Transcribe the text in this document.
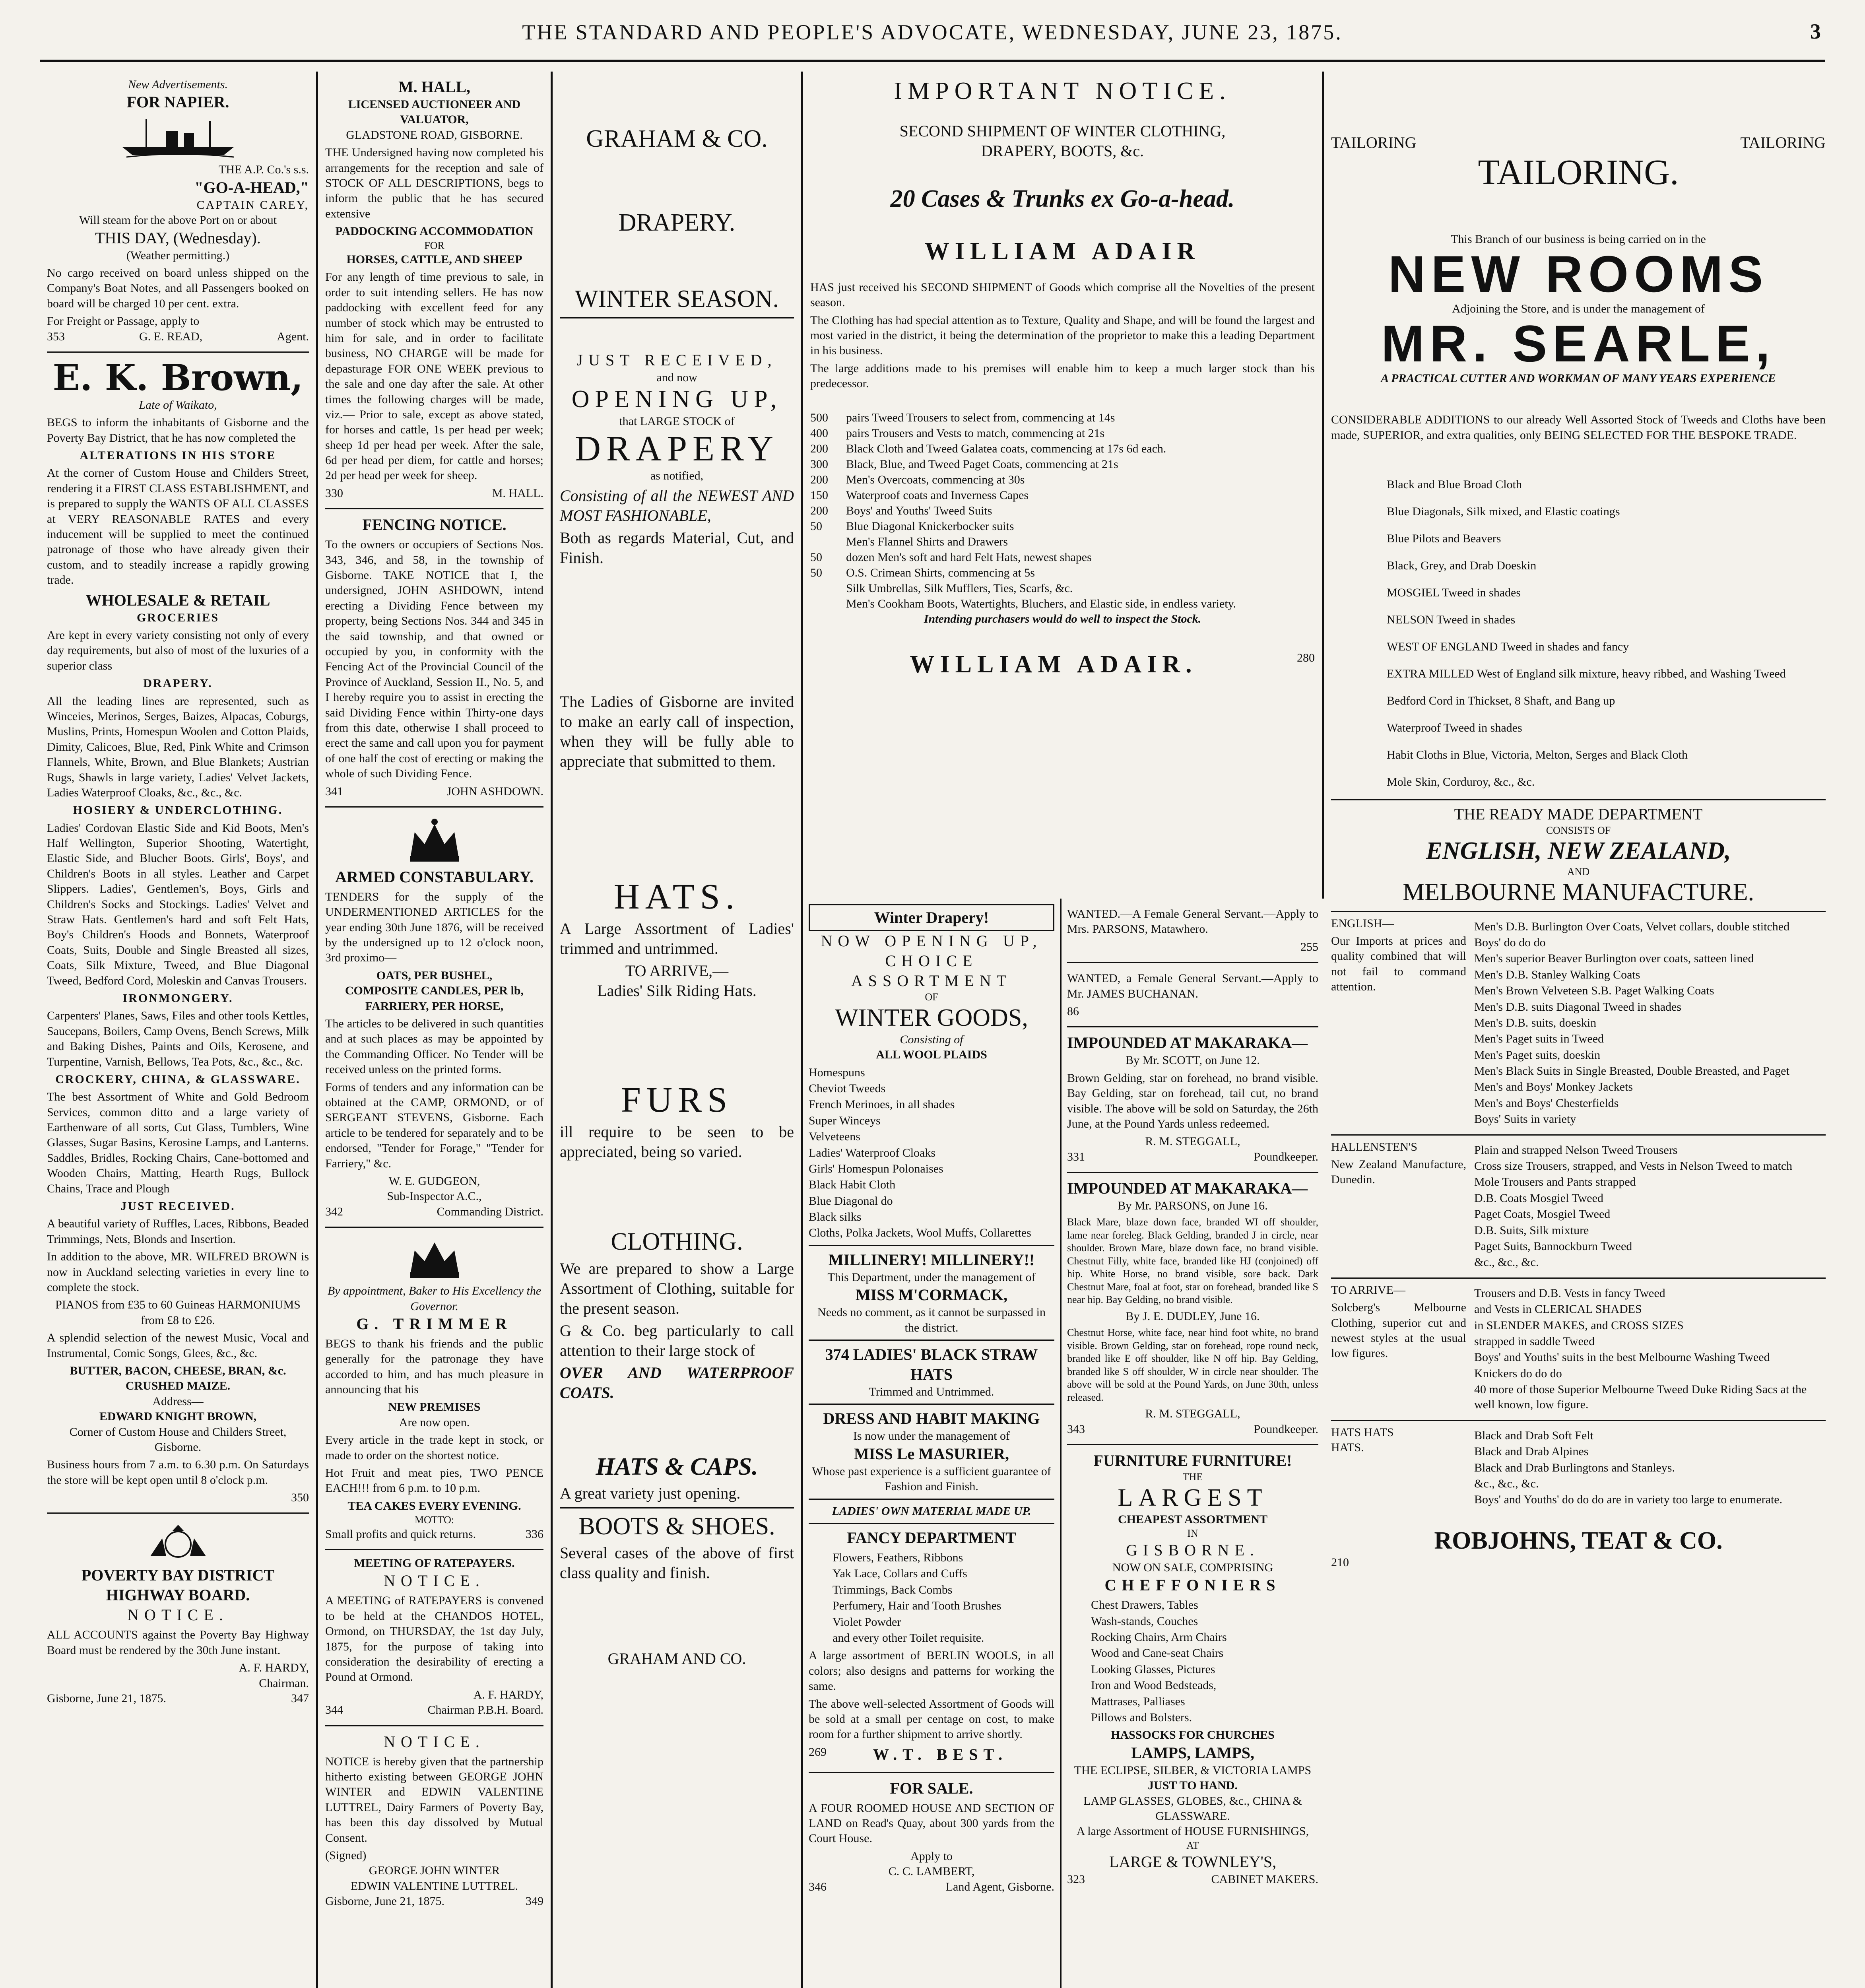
THE STANDARD AND PEOPLE'S ADVOCATE, WEDNESDAY, JUNE 23, 1875.	3
New Advertisements.
FOR NAPIER.
THE A.P. Co.'s s.s.
"GO-A-HEAD,"
CAPTAIN CAREY,
Will steam for the above Port on or about
THIS DAY, (Wednesday).
(Weather permitting.)

No cargo received on board unless shipped on the Company's Boat Notes, and all Passengers booked on board will be charged 10 per cent. extra.

For Freight or Passage, apply to
353	G. E. READ,	Agent.
E. K. Brown,
Late of Waikato,

BEGS to inform the inhabitants of Gisborne and the Poverty Bay District, that he has now completed the

ALTERATIONS IN HIS STORE

At the corner of Custom House and Childers Street, rendering it a FIRST CLASS ESTABLISHMENT, and is prepared to supply the WANTS OF ALL CLASSES at VERY REASONABLE RATES and every inducement will be supplied to meet the continued patronage of those who have already given their custom, and to steadily increase a rapidly growing trade.

WHOLESALE & RETAIL
GROCERIES

Are kept in every variety consisting not only of every day requirements, but also of most of the luxuries of a superior class

DRAPERY.

All the leading lines are represented, such as Winceies, Merinos, Serges, Baizes, Alpacas, Coburgs, Muslins, Prints, Homespun Woolen and Cotton Plaids, Dimity, Calicoes, Blue, Red, Pink White and Crimson Flannels, White, Brown, and Blue Blankets; Austrian Rugs, Shawls in large variety, Ladies' Velvet Jackets, Ladies Waterproof Cloaks, &c., &c., &c.

HOSIERY & UNDERCLOTHING.

Ladies' Cordovan Elastic Side and Kid Boots, Men's Half Wellington, Superior Shooting, Watertight, Elastic Side, and Blucher Boots. Girls', Boys', and Children's Boots in all styles. Leather and Carpet Slippers. Ladies', Gentlemen's, Boys, Girls and Children's Socks and Stockings. Ladies' Velvet and Straw Hats. Gentlemen's hard and soft Felt Hats, Boy's Children's Hoods and Bonnets, Waterproof Coats, Suits, Double and Single Breasted all sizes, Coats, Silk Mixture, Tweed, and Blue Diagonal Tweed, Bedford Cord, Moleskin and Canvas Trousers.

IRONMONGERY.

Carpenters' Planes, Saws, Files and other tools Kettles, Saucepans, Boilers, Camp Ovens, Bench Screws, Milk and Baking Dishes, Paints and Oils, Kerosene, and Turpentine, Varnish, Bellows, Tea Pots, &c., &c., &c.

CROCKERY, CHINA, & GLASSWARE.

The best Assortment of White and Gold Bedroom Services, common ditto and a large variety of Earthenware of all sorts, Cut Glass, Tumblers, Wine Glasses, Sugar Basins, Kerosine Lamps, and Lanterns. Saddles, Bridles, Rocking Chairs, Cane-bottomed and Wooden Chairs, Matting, Hearth Rugs, Bullock Chains, Trace and Plough

JUST RECEIVED.

A beautiful variety of Ruffles, Laces, Ribbons, Beaded Trimmings, Nets, Blonds and Insertion.

In addition to the above, MR. WILFRED BROWN is now in Auckland selecting varieties in every line to complete the stock.

PIANOS from £35 to 60 Guineas HARMONIUMS from £8 to £26.

A splendid selection of the newest Music, Vocal and Instrumental, Comic Songs, Glees, &c., &c.

BUTTER, BACON, CHEESE, BRAN, &c. CRUSHED MAIZE.
Address—
EDWARD KNIGHT BROWN,
Corner of Custom House and Childers Street, Gisborne.

Business hours from 7 a.m. to 6.30 p.m. On Saturdays the store will be kept open until 8 o'clock p.m.

350
POVERTY BAY DISTRICT HIGHWAY BOARD.
NOTICE.

ALL ACCOUNTS against the Poverty Bay Highway Board must be rendered by the 30th June instant.

A. F. HARDY,
Chairman.
Gisborne, June 21, 1875.	347
M. HALL,
LICENSED AUCTIONEER AND VALUATOR,
GLADSTONE ROAD, GISBORNE.

THE Undersigned having now completed his arrangements for the reception and sale of STOCK OF ALL DESCRIPTIONS, begs to inform the public that he has secured extensive

PADDOCKING ACCOMMODATION
FOR
HORSES, CATTLE, AND SHEEP

For any length of time previous to sale, in order to suit intending sellers. He has now paddocking with excellent feed for any number of stock which may be entrusted to him for sale, and in order to facilitate business, NO CHARGE will be made for depasturage FOR ONE WEEK previous to the sale and one day after the sale. At other times the following charges will be made, viz.— Prior to sale, except as above stated, for horses and cattle, 1s per head per week; sheep 1d per head per week. After the sale, 6d per head per diem, for cattle and horses; 2d per head per week for sheep.

330	M. HALL.
FENCING NOTICE.

To the owners or occupiers of Sections Nos. 343, 346, and 58, in the township of Gisborne. TAKE NOTICE that I, the undersigned, JOHN ASHDOWN, intend erecting a Dividing Fence between my property, being Sections Nos. 344 and 345 in the said township, and that owned or occupied by you, in conformity with the Fencing Act of the Provincial Council of the Province of Auckland, Session II., No. 5, and I hereby require you to assist in erecting the said Dividing Fence within Thirty-one days from this date, otherwise I shall proceed to erect the same and call upon you for payment of one half the cost of erecting or making the whole of such Dividing Fence.

341	JOHN ASHDOWN.
ARMED CONSTABULARY.

TENDERS for the supply of the UNDERMENTIONED ARTICLES for the year ending 30th June 1876, will be received by the undersigned up to 12 o'clock noon, 3rd proximo—

OATS, PER BUSHEL,
COMPOSITE CANDLES, PER lb,
FARRIERY, PER HORSE,

The articles to be delivered in such quantities and at such places as may be appointed by the Commanding Officer. No Tender will be received unless on the printed forms.

Forms of tenders and any information can be obtained at the CAMP, ORMOND, or of SERGEANT STEVENS, Gisborne. Each article to be tendered for separately and to be endorsed, "Tender for Forage," "Tender for Farriery," &c.

W. E. GUDGEON,
Sub-Inspector A.C.,
342	Commanding District.
By appointment, Baker to His Excellency the Governor.
G. TRIMMER

BEGS to thank his friends and the public generally for the patronage they have accorded to him, and has much pleasure in announcing that his

NEW PREMISES
Are now open.

Every article in the trade kept in stock, or made to order on the shortest notice.

Hot Fruit and meat pies, TWO PENCE EACH!!! from 6 p.m. to 10 p.m.

TEA CAKES EVERY EVENING.
MOTTO:
Small profits and quick returns.	336
MEETING OF RATEPAYERS.
NOTICE.

A MEETING of RATEPAYERS is convened to be held at the CHANDOS HOTEL, Ormond, on THURSDAY, the 1st day July, 1875, for the purpose of taking into consideration the desirability of erecting a Pound at Ormond.

A. F. HARDY,
344	Chairman P.B.H. Board.
NOTICE.

NOTICE is hereby given that the partnership hitherto existing between GEORGE JOHN WINTER and EDWIN VALENTINE LUTTREL, Dairy Farmers of Poverty Bay, has been this day dissolved by Mutual Consent.

(Signed)
GEORGE JOHN WINTER
EDWIN VALENTINE LUTTREL.
Gisborne, June 21, 1875.	349
GRAHAM & CO.
DRAPERY.
WINTER SEASON.
JUST RECEIVED,
and now
OPENING UP,
that LARGE STOCK of
DRAPERY
as notified,

Consisting of all the NEWEST AND MOST FASHIONABLE,

Both as regards Material, Cut, and Finish.

The Ladies of Gisborne are invited to make an early call of inspection, when they will be fully able to appreciate that submitted to them.

HATS.

A Large Assortment of Ladies' trimmed and untrimmed.

TO ARRIVE,—
Ladies' Silk Riding Hats.
FURS

ill require to be seen to be appreciated, being so varied.

CLOTHING.

We are prepared to show a Large Assortment of Clothing, suitable for the present season.

G & Co. beg particularly to call attention to their large stock of

OVER AND WATERPROOF COATS.

HATS & CAPS.

A great variety just opening.

BOOTS & SHOES.

Several cases of the above of first class quality and finish.

GRAHAM AND CO.
IMPORTANT NOTICE.
SECOND SHIPMENT OF WINTER CLOTHING,
DRAPERY, BOOTS, &c.
20 Cases & Trunks ex Go-a-head.
WILLIAM ADAIR

HAS just received his SECOND SHIPMENT of Goods which comprise all the Novelties of the present season.

The Clothing has had special attention as to Texture, Quality and Shape, and will be found the largest and most varied in the district, it being the determination of the proprietor to make this a leading Department in his business.

The large additions made to his premises will enable him to keep a much larger stock than his predecessor.

500	pairs Tweed Trousers to select from, commencing at 14s
400	pairs Trousers and Vests to match, commencing at 21s
200	Black Cloth and Tweed Galatea coats, commencing at 17s 6d each.
300	Black, Blue, and Tweed Paget Coats, commencing at 21s
200	Men's Overcoats, commencing at 30s
150	Waterproof coats and Inverness Capes
200	Boys' and Youths' Tweed Suits
50	Blue Diagonal Knickerbocker suits
Men's Flannel Shirts and Drawers
50	dozen Men's soft and hard Felt Hats, newest shapes
50	O.S. Crimean Shirts, commencing at 5s
Silk Umbrellas, Silk Mufflers, Ties, Scarfs, &c.
Men's Cookham Boots, Watertights, Bluchers, and Elastic side, in endless variety.
Intending purchasers would do well to inspect the Stock.
WILLIAM ADAIR.	280
Winter Drapery!
NOW OPENING UP,
CHOICE ASSORTMENT
OF
WINTER GOODS,
Consisting of
ALL WOOL PLAIDS
Homespuns
Cheviot Tweeds
French Merinoes, in all shades
Super Winceys
Velveteens
Ladies' Waterproof Cloaks
Girls' Homespun Polonaises
Black Habit Cloth
Blue Diagonal do
Black silks
Cloths, Polka Jackets, Wool Muffs, Collarettes
MILLINERY! MILLINERY!!
This Department, under the management of
MISS M'CORMACK,
Needs no comment, as it cannot be surpassed in the district.
374 LADIES' BLACK STRAW HATS
Trimmed and Untrimmed.
DRESS AND HABIT MAKING
Is now under the management of
MISS Le MASURIER,
Whose past experience is a sufficient guarantee of Fashion and Finish.
LADIES' OWN MATERIAL MADE UP.
FANCY DEPARTMENT
Flowers, Feathers, Ribbons
Yak Lace, Collars and Cuffs
Trimmings, Back Combs
Perfumery, Hair and Tooth Brushes
Violet Powder
and every other Toilet requisite.

A large assortment of BERLIN WOOLS, in all colors; also designs and patterns for working the same.

The above well-selected Assortment of Goods will be sold at a small per centage on cost, to make room for a further shipment to arrive shortly.

269	W.T. BEST.
FOR SALE.

A FOUR ROOMED HOUSE AND SECTION OF LAND on Read's Quay, about 300 yards from the Court House.

Apply to
C. C. LAMBERT,
346	Land Agent, Gisborne.

WANTED.—A Female General Servant.—Apply to Mrs. PARSONS, Matawhero.

255

WANTED, a Female General Servant.—Apply to Mr. JAMES BUCHANAN.

86
IMPOUNDED AT MAKARAKA—
By Mr. SCOTT, on June 12.

Brown Gelding, star on forehead, no brand visible. Bay Gelding, star on forehead, tail cut, no brand visible. The above will be sold on Saturday, the 26th June, at the Pound Yards unless redeemed.

R. M. STEGGALL,
331	Poundkeeper.
IMPOUNDED AT MAKARAKA—
By Mr. PARSONS, on June 16.

Black Mare, blaze down face, branded WI off shoulder, lame near foreleg. Black Gelding, branded J in circle, near shoulder. Brown Mare, blaze down face, no brand visible. Chestnut Filly, white face, branded like HJ (conjoined) off hip. White Horse, no brand visible, sore back. Dark Chestnut Mare, foal at foot, star on forehead, branded like S near hip. Bay Gelding, no brand visible.

By J. E. DUDLEY, June 16.

Chestnut Horse, white face, near hind foot white, no brand visible. Brown Gelding, star on forehead, rope round neck, branded like E off shoulder, like N off hip. Bay Gelding, branded like S off shoulder, W in circle near shoulder. The above will be sold at the Pound Yards, on June 30th, unless released.

R. M. STEGGALL,
343	Poundkeeper.
FURNITURE FURNITURE!
THE
LARGEST
CHEAPEST ASSORTMENT
IN
GISBORNE.
NOW ON SALE, COMPRISING
CHEFFONIERS
Chest Drawers, Tables
Wash-stands, Couches
Rocking Chairs, Arm Chairs
Wood and Cane-seat Chairs
Looking Glasses, Pictures
Iron and Wood Bedsteads,
Mattrases, Palliases
Pillows and Bolsters.
HASSOCKS FOR CHURCHES
LAMPS, LAMPS,
THE ECLIPSE, SILBER, & VICTORIA LAMPS
JUST TO HAND.
LAMP GLASSES, GLOBES, &c., CHINA & GLASSWARE.
A large Assortment of HOUSE FURNISHINGS,
AT
LARGE & TOWNLEY'S,
323	CABINET MAKERS.
TAILORING	TAILORING
TAILORING.
This Branch of our business is being carried on in the
NEW ROOMS
Adjoining the Store, and is under the management of
MR. SEARLE,
A PRACTICAL CUTTER AND WORKMAN OF MANY YEARS EXPERIENCE

CONSIDERABLE ADDITIONS to our already Well Assorted Stock of Tweeds and Cloths have been made, SUPERIOR, and extra qualities, only BEING SELECTED FOR THE BESPOKE TRADE.

Black and Blue Broad Cloth
Blue Diagonals, Silk mixed, and Elastic coatings
Blue Pilots and Beavers
Black, Grey, and Drab Doeskin
MOSGIEL Tweed in shades
NELSON Tweed in shades
WEST OF ENGLAND Tweed in shades and fancy
EXTRA MILLED West of England silk mixture, heavy ribbed, and Washing Tweed
Bedford Cord in Thickset, 8 Shaft, and Bang up
Waterproof Tweed in shades
Habit Cloths in Blue, Victoria, Melton, Serges and Black Cloth
Mole Skin, Corduroy, &c., &c.
THE READY MADE DEPARTMENT
CONSISTS OF
ENGLISH, NEW ZEALAND,
AND
MELBOURNE MANUFACTURE.
ENGLISH—

Our Imports at prices and quality combined that will not fail to command attention.

Men's D.B. Burlington Over Coats, Velvet collars, double stitched
Boys' do do do
Men's superior Beaver Burlington over coats, satteen lined
Men's D.B. Stanley Walking Coats
Men's Brown Velveteen S.B. Paget Walking Coats
Men's D.B. suits Diagonal Tweed in shades
Men's D.B. suits, doeskin
Men's Paget suits in Tweed
Men's Paget suits, doeskin
Men's Black Suits in Single Breasted, Double Breasted, and Paget
Men's and Boys' Monkey Jackets
Men's and Boys' Chesterfields
Boys' Suits in variety
HALLENSTEN'S

New Zealand Manufacture, Dunedin.

Plain and strapped Nelson Tweed Trousers
Cross size Trousers, strapped, and Vests in Nelson Tweed to match
Mole Trousers and Pants strapped
D.B. Coats Mosgiel Tweed
Paget Coats, Mosgiel Tweed
D.B. Suits, Silk mixture
Paget Suits, Bannockburn Tweed
&c., &c., &c.
TO ARRIVE—

Solcberg's Melbourne Clothing, superior cut and newest styles at the usual low figures.

Trousers and D.B. Vests in fancy Tweed
and Vests in CLERICAL SHADES
in SLENDER MAKES, and CROSS SIZES
strapped in saddle Tweed
Boys' and Youths' suits in the best Melbourne Washing Tweed
Knickers do do do
40 more of those Superior Melbourne Tweed Duke Riding Sacs at the well known, low figure.
HATS HATS
HATS.
Black and Drab Soft Felt
Black and Drab Alpines
Black and Drab Burlingtons and Stanleys.
&c., &c., &c.
Boys' and Youths' do do do are in variety too large to enumerate.
ROBJOHNS, TEAT & CO.
210
